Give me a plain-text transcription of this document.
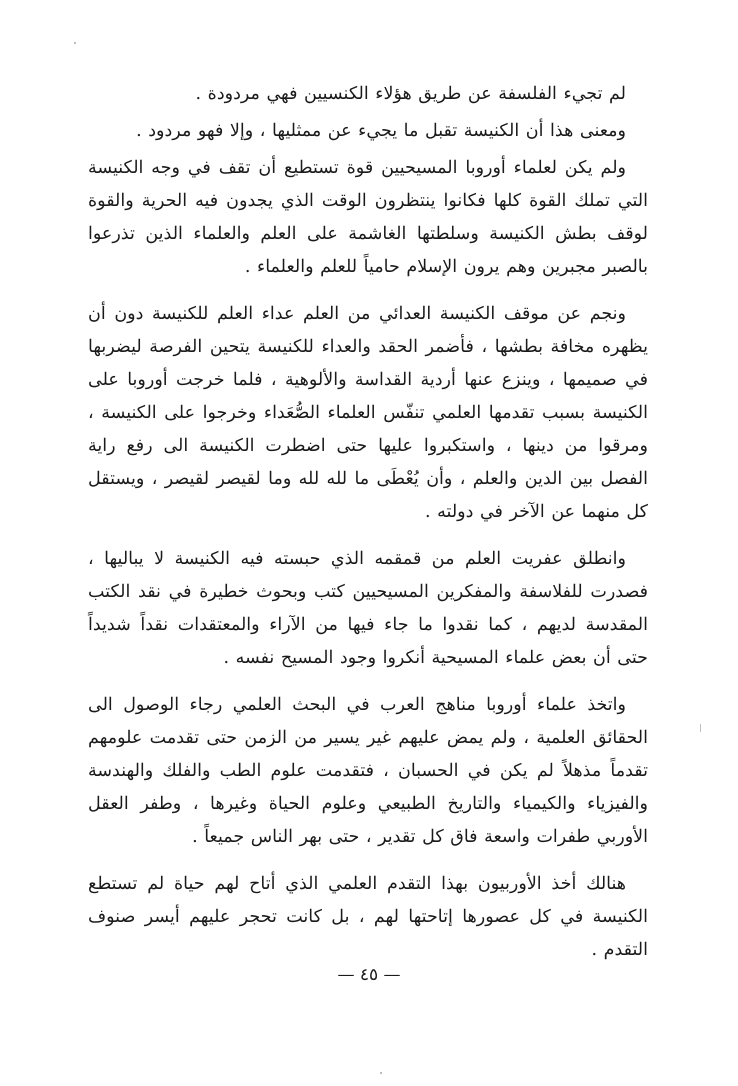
لم تجيء الفلسفة عن طريق هؤلاء الكنسيين فهي مردودة .

ومعنى هذا أن الكنيسة تقبل ما يجيء عن ممثليها ، وإلا فهو مردود .

ولم يكن لعلماء أوروبا المسيحيين قوة تستطيع أن تقف في وجه الكنيسة التي تملك القوة كلها فكانوا ينتظرون الوقت الذي يجدون فيه الحرية والقوة لوقف بطش الكنيسة وسلطتها الغاشمة على العلم والعلماء الذين تذرعوا بالصبر مجبرين وهم يرون الإسلام حامياً للعلم والعلماء .

ونجم عن موقف الكنيسة العدائي من العلم عداء العلم للكنيسة دون أن يظهره مخافة بطشها ، فأضمر الحقد والعداء للكنيسة يتحين الفرصة ليضربها في صميمها ، وينزع عنها أردية القداسة والألوهية ، فلما خرجت أوروبا على الكنيسة بسبب تقدمها العلمي تنفّس العلماء الصُّعَداء وخرجوا على الكنيسة ، ومرقوا من دينها ، واستكبروا عليها حتى اضطرت الكنيسة الى رفع راية الفصل بين الدين والعلم ، وأن يُعْطَى ما لله لله وما لقيصر لقيصر ، ويستقل كل منهما عن الآخر في دولته .

وانطلق عفريت العلم من قمقمه الذي حبسته فيه الكنيسة لا يباليها ، فصدرت للفلاسفة والمفكرين المسيحيين كتب وبحوث خطيرة في نقد الكتب المقدسة لديهم ، كما نقدوا ما جاء فيها من الآراء والمعتقدات نقداً شديداً حتى أن بعض علماء المسيحية أنكروا وجود المسيح نفسه .

واتخذ علماء أوروبا مناهج العرب في البحث العلمي رجاء الوصول الى الحقائق العلمية ، ولم يمض عليهم غير يسير من الزمن حتى تقدمت علومهم تقدماً مذهلاً لم يكن في الحسبان ، فتقدمت علوم الطب والفلك والهندسة والفيزياء والكيمياء والتاريخ الطبيعي وعلوم الحياة وغيرها ، وطفر العقل الأوربي طفرات واسعة فاق كل تقدير ، حتى بهر الناس جميعاً .

هنالك أخذ الأوربيون بهذا التقدم العلمي الذي أتاح لهم حياة لم تستطع الكنيسة في كل عصورها إتاحتها لهم ، بل كانت تحجر عليهم أيسر صنوف التقدم .

— ٤٥ —
